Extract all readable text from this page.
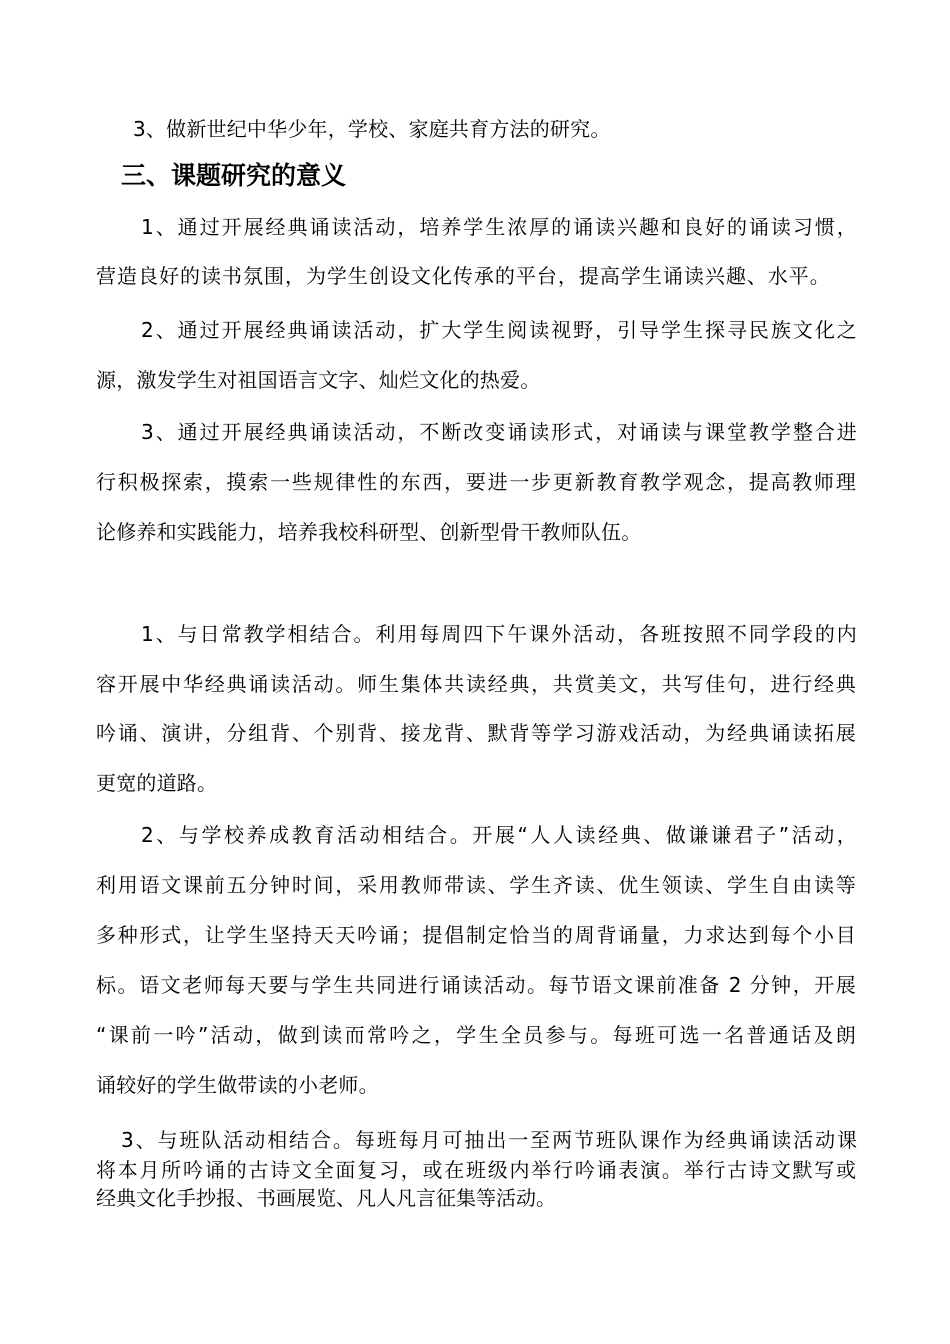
3、做新世纪中华少年，学校、家庭共育方法的研究。
三、课题研究的意义
1、通过开展经典诵读活动，培养学生浓厚的诵读兴趣和良好的诵读习惯，
营造良好的读书氛围，为学生创设文化传承的平台，提高学生诵读兴趣、水平。
2、通过开展经典诵读活动，扩大学生阅读视野，引导学生探寻民族文化之
源，激发学生对祖国语言文字、灿烂文化的热爱。
3、通过开展经典诵读活动，不断改变诵读形式，对诵读与课堂教学整合进
行积极探索，摸索一些规律性的东西，要进一步更新教育教学观念，提高教师理
论修养和实践能力，培养我校科研型、创新型骨干教师队伍。
1、与日常教学相结合。利用每周四下午课外活动，各班按照不同学段的内
容开展中华经典诵读活动。师生集体共读经典，共赏美文，共写佳句，进行经典
吟诵、演讲，分组背、个别背、接龙背、默背等学习游戏活动，为经典诵读拓展
更宽的道路。
2、与学校养成教育活动相结合。开展“人人读经典、做谦谦君子”活动，
利用语文课前五分钟时间，采用教师带读、学生齐读、优生领读、学生自由读等
多种形式，让学生坚持天天吟诵；提倡制定恰当的周背诵量，力求达到每个小目
标。语文老师每天要与学生共同进行诵读活动。每节语文课前准备 2 分钟，开展
“课前一吟”活动，做到读而常吟之，学生全员参与。每班可选一名普通话及朗
诵较好的学生做带读的小老师。
3、与班队活动相结合。每班每月可抽出一至两节班队课作为经典诵读活动课
将本月所吟诵的古诗文全面复习，或在班级内举行吟诵表演。举行古诗文默写或
经典文化手抄报、书画展览、凡人凡言征集等活动。
